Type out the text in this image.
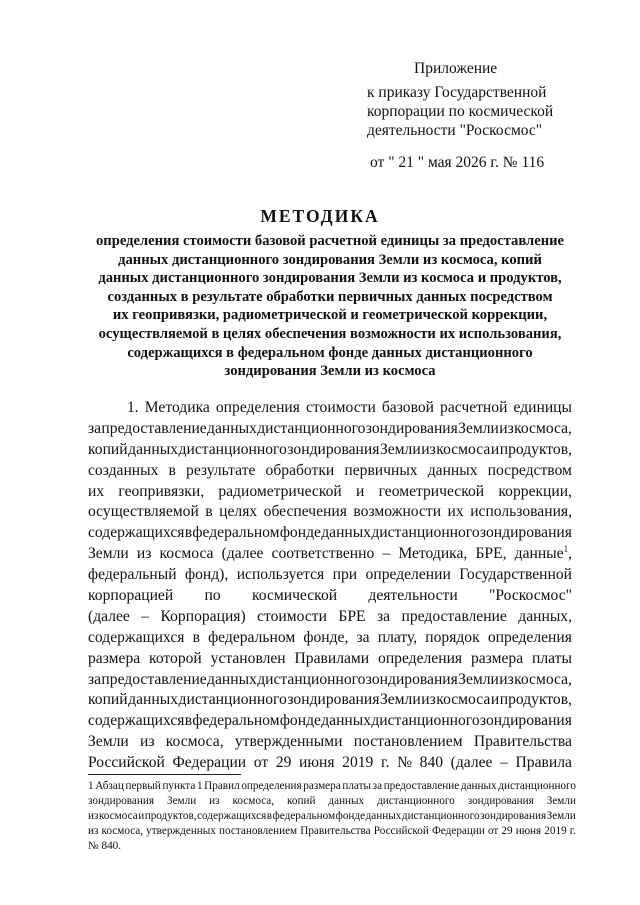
Приложение
к приказу Государственной
корпорации по космической
деятельности "Роскосмос"
от " 21 " мая 2026 г. № 116
МЕТОДИКА
определения стоимости базовой расчетной единицы за предоставление
данных дистанционного зондирования Земли из космоса, копий
данных дистанционного зондирования Земли из космоса и продуктов,
созданных в результате обработки первичных данных посредством
их геопривязки, радиометрической и геометрической коррекции,
осуществляемой в целях обеспечения возможности их использования,
содержащихся в федеральном фонде данных дистанционного
зондирования Земли из космоса
1. Методика определения стоимости базовой расчетной единицы
за предоставление данных дистанционного зондирования Земли из космоса,
копий данных дистанционного зондирования Земли из космоса и продуктов,
созданных в результате обработки первичных данных посредством
их геопривязки, радиометрической и геометрической коррекции,
осуществляемой в целях обеспечения возможности их использования,
содержащихся в федеральном фонде данных дистанционного зондирования
Земли из космоса (далее соответственно – Методика, БРЕ, данные$^1$,
федеральный фонд), используется при определении Государственной
корпорацией по космической деятельности "Роскосмос"
(далее – Корпорация) стоимости БРЕ за предоставление данных,
содержащихся в федеральном фонде, за плату, порядок определения
размера которой установлен Правилами определения размера платы
за предоставление данных дистанционного зондирования Земли из космоса,
копий данных дистанционного зондирования Земли из космоса и продуктов,
содержащихся в федеральном фонде данных дистанционного зондирования
Земли из космоса, утвержденными постановлением Правительства
Российской Федерации от 29 июня 2019 г. № 840 (далее – Правила
1 Абзац первый пункта 1 Правил определения размера платы за предоставление данных дистанционного
зондирования Земли из космоса, копий данных дистанционного зондирования Земли
из космоса и продуктов, содержащихся в федеральном фонде данных дистанционного зондирования Земли
из космоса, утвержденных постановлением Правительства Российской Федерации от 29 июня 2019 г.
№ 840.
